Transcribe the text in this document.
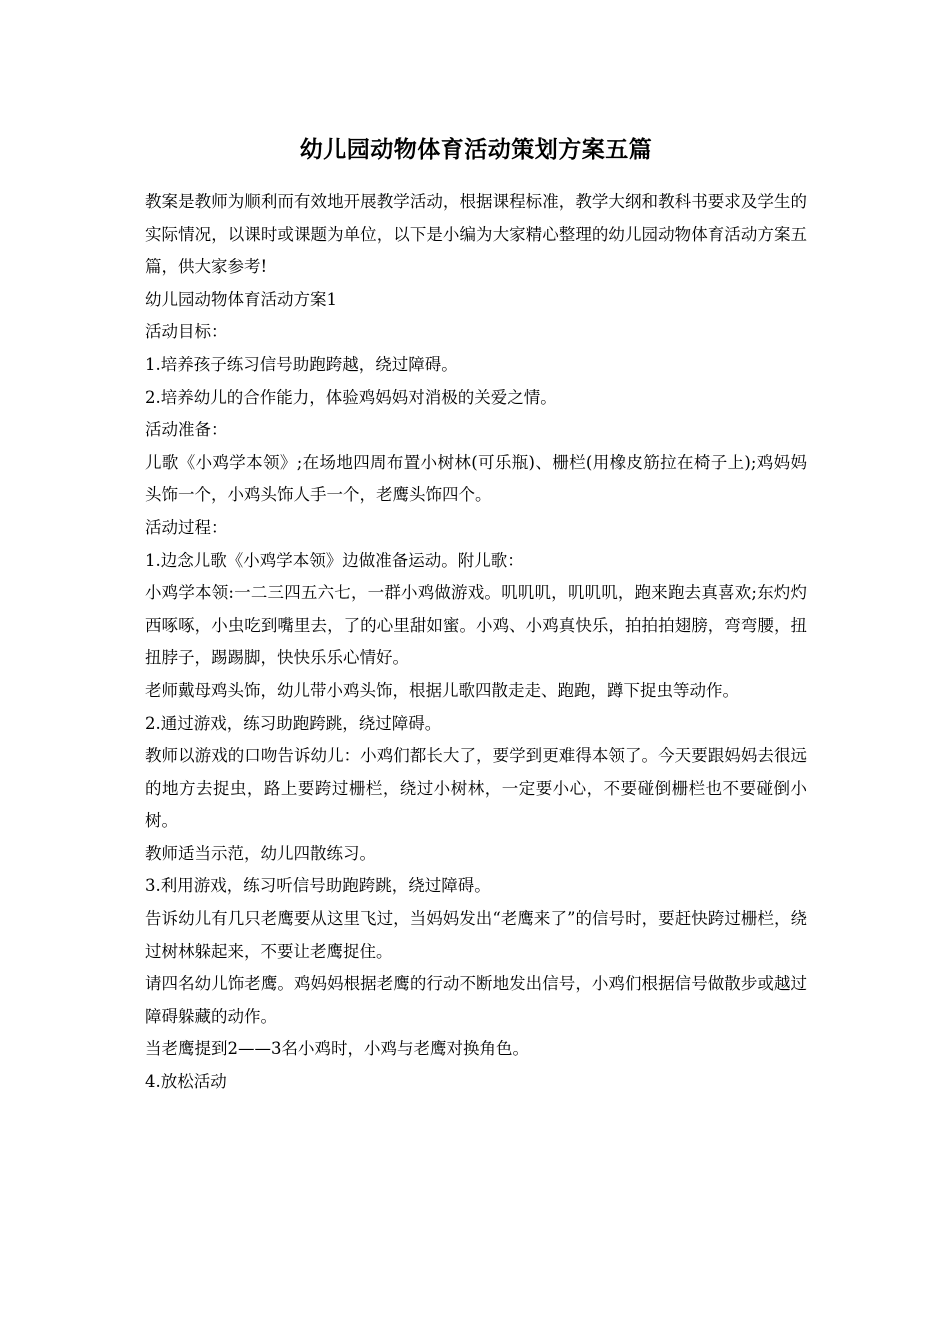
幼儿园动物体育活动策划方案五篇

教案是教师为顺利而有效地开展教学活动，根据课程标准，教学大纲和教科书要求及学生的实际情况，以课时或课题为单位，以下是小编为大家精心整理的幼儿园动物体育活动方案五篇，供大家参考!

幼儿园动物体育活动方案1

活动目标：

1.培养孩子练习信号助跑跨越，绕过障碍。

2.培养幼儿的合作能力，体验鸡妈妈对消极的关爱之情。

活动准备：

儿歌《小鸡学本领》;在场地四周布置小树林(可乐瓶)、栅栏(用橡皮筋拉在椅子上);鸡妈妈头饰一个，小鸡头饰人手一个，老鹰头饰四个。

活动过程：

1.边念儿歌《小鸡学本领》边做准备运动。附儿歌：

小鸡学本领:一二三四五六七，一群小鸡做游戏。叽叽叽，叽叽叽，跑来跑去真喜欢;东灼灼西啄啄，小虫吃到嘴里去，了的心里甜如蜜。小鸡、小鸡真快乐，拍拍拍翅膀，弯弯腰，扭扭脖子，踢踢脚，快快乐乐心情好。

老师戴母鸡头饰，幼儿带小鸡头饰，根据儿歌四散走走、跑跑，蹲下捉虫等动作。

2.通过游戏，练习助跑跨跳，绕过障碍。

教师以游戏的口吻告诉幼儿：小鸡们都长大了，要学到更难得本领了。今天要跟妈妈去很远的地方去捉虫，路上要跨过栅栏，绕过小树林，一定要小心，不要碰倒栅栏也不要碰倒小树。

教师适当示范，幼儿四散练习。

3.利用游戏，练习听信号助跑跨跳，绕过障碍。

告诉幼儿有几只老鹰要从这里飞过，当妈妈发出“老鹰来了”的信号时，要赶快跨过栅栏，绕过树林躲起来，不要让老鹰捉住。

请四名幼儿饰老鹰。鸡妈妈根据老鹰的行动不断地发出信号，小鸡们根据信号做散步或越过障碍躲藏的动作。

当老鹰提到2——3名小鸡时，小鸡与老鹰对换角色。

4.放松活动
